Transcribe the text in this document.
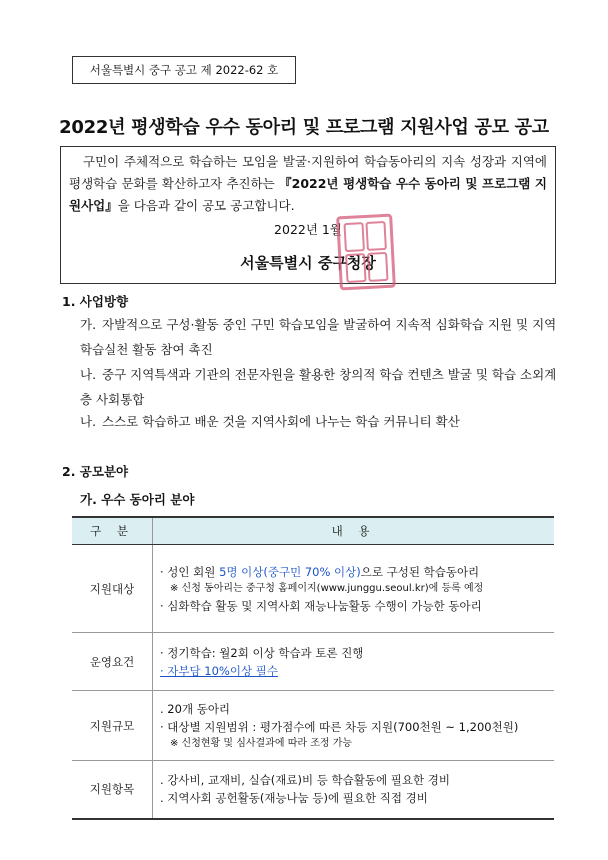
서울특별시 중구 공고 제 2022-62 호
2022년 평생학습 우수 동아리 및 프로그램 지원사업 공모 공고
구민이 주체적으로 학습하는 모임을 발굴·지원하여 학습동아리의 지속 성장과 지역에 평생학습 문화를 확산하고자 추진하는 『2022년 평생학습 우수 동아리 및 프로그램 지원사업』을 다음과 같이 공모 공고합니다.
2022년 1월
서울특별시 중구청장
1. 사업방향
가. 자발적으로 구성·활동 중인 구민 학습모임을 발굴하여 지속적 심화학습 지원 및 지역 학습실천 활동 참여 촉진
나. 중구 지역특색과 기관의 전문자원을 활용한 창의적 학습 컨텐츠 발굴 및 학습 소외계층 사회통합
나. 스스로 학습하고 배운 것을 지역사회에 나누는 학습 커뮤니티 확산
2. 공모분야
가. 우수 동아리 분야
구 분	내 용
지원대상	· 성인 회원 5명 이상(중구민 70% 이상)으로 구성된 학습동아리
※ 신청 동아리는 중구청 홈페이지(www.junggu.seoul.kr)에 등록 예정
· 심화학습 활동 및 지역사회 재능나눔활동 수행이 가능한 동아리

운영요건	· 정기학습: 월2회 이상 학습과 토론 진행
· 자부담 10%이상 필수

지원규모	. 20개 동아리
· 대상별 지원범위 : 평가점수에 따른 차등 지원(700천원 ~ 1,200천원)
※ 신청현황 및 심사결과에 따라 조정 가능

지원항목	. 강사비, 교재비, 실습(재료)비 등 학습활동에 필요한 경비
. 지역사회 공헌활동(재능나눔 등)에 필요한 직접 경비
